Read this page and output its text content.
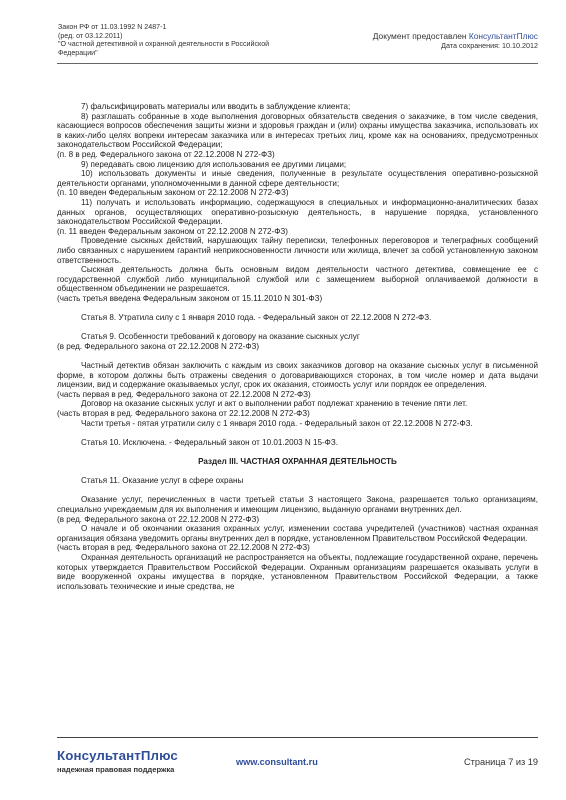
Закон РФ от 11.03.1992 N 2487-1
(ред. от 03.12.2011)
"О частной детективной и охранной деятельности в Российской
Федерации"
Документ предоставлен КонсультантПлюс
Дата сохранения: 10.10.2012

7) фальсифицировать материалы или вводить в заблуждение клиента;

8) разглашать собранные в ходе выполнения договорных обязательств сведения о заказчике, в том числе сведения, касающиеся вопросов обеспечения защиты жизни и здоровья граждан и (или) охраны имущества заказчика, использовать их в каких-либо целях вопреки интересам заказчика или в интересах третьих лиц, кроме как на основаниях, предусмотренных законодательством Российской Федерации;

(п. 8 в ред. Федерального закона от 22.12.2008 N 272-ФЗ)

9) передавать свою лицензию для использования ее другими лицами;

10) использовать документы и иные сведения, полученные в результате осуществления оперативно-розыскной деятельности органами, уполномоченными в данной сфере деятельности;

(п. 10 введен Федеральным законом от 22.12.2008 N 272-ФЗ)

11) получать и использовать информацию, содержащуюся в специальных и информационно-аналитических базах данных органов, осуществляющих оперативно-розыскную деятельность, в нарушение порядка, установленного законодательством Российской Федерации.

(п. 11 введен Федеральным законом от 22.12.2008 N 272-ФЗ)

Проведение сыскных действий, нарушающих тайну переписки, телефонных переговоров и телеграфных сообщений либо связанных с нарушением гарантий неприкосновенности личности или жилища, влечет за собой установленную законом ответственность.

Сыскная деятельность должна быть основным видом деятельности частного детектива, совмещение ее с государственной службой либо муниципальной службой или с замещением выборной оплачиваемой должности в общественном объединении не разрешается.

(часть третья введена Федеральным законом от 15.11.2010 N 301-ФЗ)

Статья 8. Утратила силу с 1 января 2010 года. - Федеральный закон от 22.12.2008 N 272-ФЗ.

Статья 9. Особенности требований к договору на оказание сыскных услуг

(в ред. Федерального закона от 22.12.2008 N 272-ФЗ)

Частный детектив обязан заключить с каждым из своих заказчиков договор на оказание сыскных услуг в письменной форме, в котором должны быть отражены сведения о договаривающихся сторонах, в том числе номер и дата выдачи лицензии, вид и содержание оказываемых услуг, срок их оказания, стоимость услуг или порядок ее определения.

(часть первая в ред. Федерального закона от 22.12.2008 N 272-ФЗ)

Договор на оказание сыскных услуг и акт о выполнении работ подлежат хранению в течение пяти лет.

(часть вторая в ред. Федерального закона от 22.12.2008 N 272-ФЗ)

Части третья - пятая утратили силу с 1 января 2010 года. - Федеральный закон от 22.12.2008 N 272-ФЗ.

Статья 10. Исключена. - Федеральный закон от 10.01.2003 N 15-ФЗ.

Раздел III. ЧАСТНАЯ ОХРАННАЯ ДЕЯТЕЛЬНОСТЬ

Статья 11. Оказание услуг в сфере охраны

Оказание услуг, перечисленных в части третьей статьи 3 настоящего Закона, разрешается только организациям, специально учреждаемым для их выполнения и имеющим лицензию, выданную органами внутренних дел.

(в ред. Федерального закона от 22.12.2008 N 272-ФЗ)

О начале и об окончании оказания охранных услуг, изменении состава учредителей (участников) частная охранная организация обязана уведомить органы внутренних дел в порядке, установленном Правительством Российской Федерации.

(часть вторая в ред. Федерального закона от 22.12.2008 N 272-ФЗ)

Охранная деятельность организаций не распространяется на объекты, подлежащие государственной охране, перечень которых утверждается Правительством Российской Федерации. Охранным организациям разрешается оказывать услуги в виде вооруженной охраны имущества в порядке, установленном Правительством Российской Федерации, а также использовать технические и иные средства, не

КонсультантПлюс
надежная правовая поддержка
www.consultant.ru	Страница 7 из 19
